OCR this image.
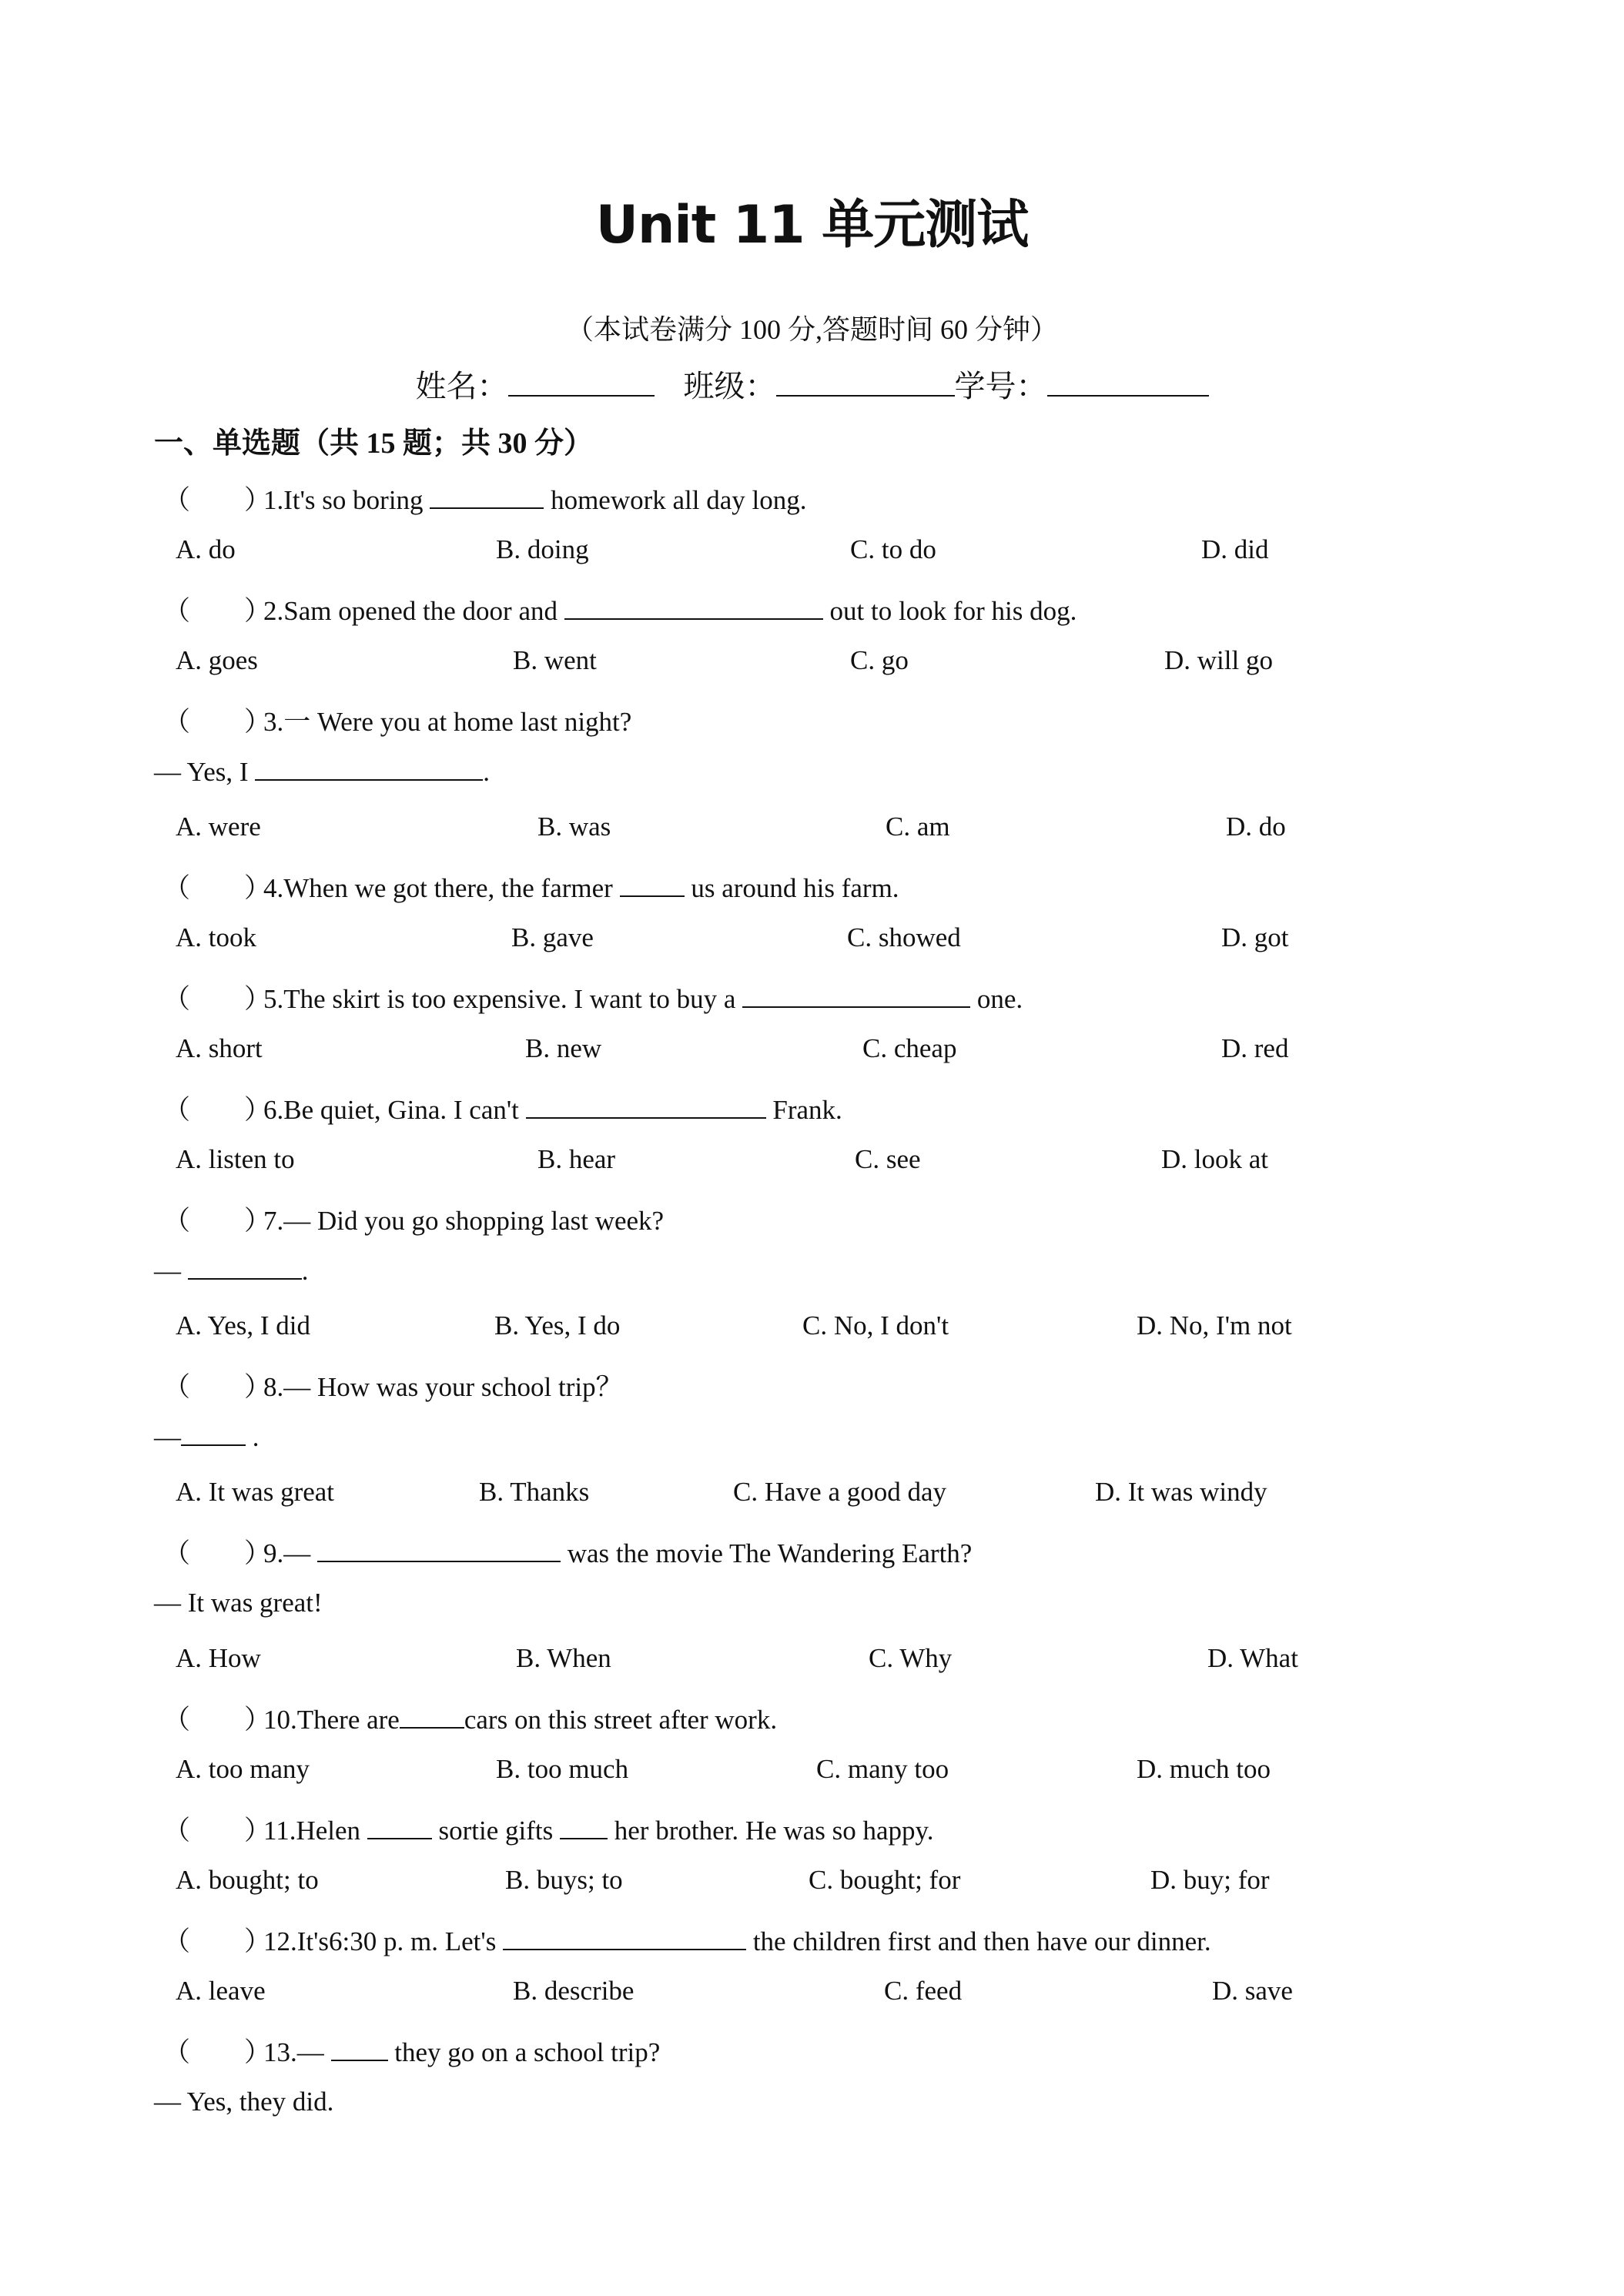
Unit 11 单元测试
（本试卷满分 100 分,答题时间 60 分钟）
姓名：	班级：	学号：
一、单选题（共 15 题；共 30 分）
（　　）1.It's so boring	homework all day long.
A. do	B. doing	C. to do	D. did
（　　）2.Sam opened the door and	out to look for his dog.
A. goes	B. went	C. go	D. will go
（　　）3.一 Were you at home last night?
— Yes, I	.
A. were	B. was	C. am	D. do
（　　）4.When we got there, the farmer  us around his farm.
A. took	B. gave	C. showed	D. got
（　　）5.The skirt is too expensive. I want to buy a	one.
A. short	B. new	C. cheap	D. red
（　　）6.Be quiet, Gina. I can't	Frank.
A. listen to	B. hear	C. see	D. look at
（　　）7.— Did you go shopping last week?
—	.
A. Yes, I did	B. Yes, I do	C. No, I don't	D. No, I'm not
（　　）8.— How was your school trip？
— .
A. It was great	B. Thanks	C. Have a good day	D. It was windy
（　　）9.—	was the movie The Wandering Earth?
— It was great!
A. How	B. When	C. Why	D. What
（　　）10.There are cars on this street after work.
A. too many	B. too much	C. many too	D. much too
（　　）11.Helen  sortie gifts  her brother. He was so happy.
A. bought; to	B. buys; to	C. bought; for	D. buy; for
（　　）12.It's6:30 p. m. Let's	the children first and then have our dinner.
A. leave	B. describe	C. feed	D. save
（　　）13.—  they go on a school trip?
— Yes, they did.
